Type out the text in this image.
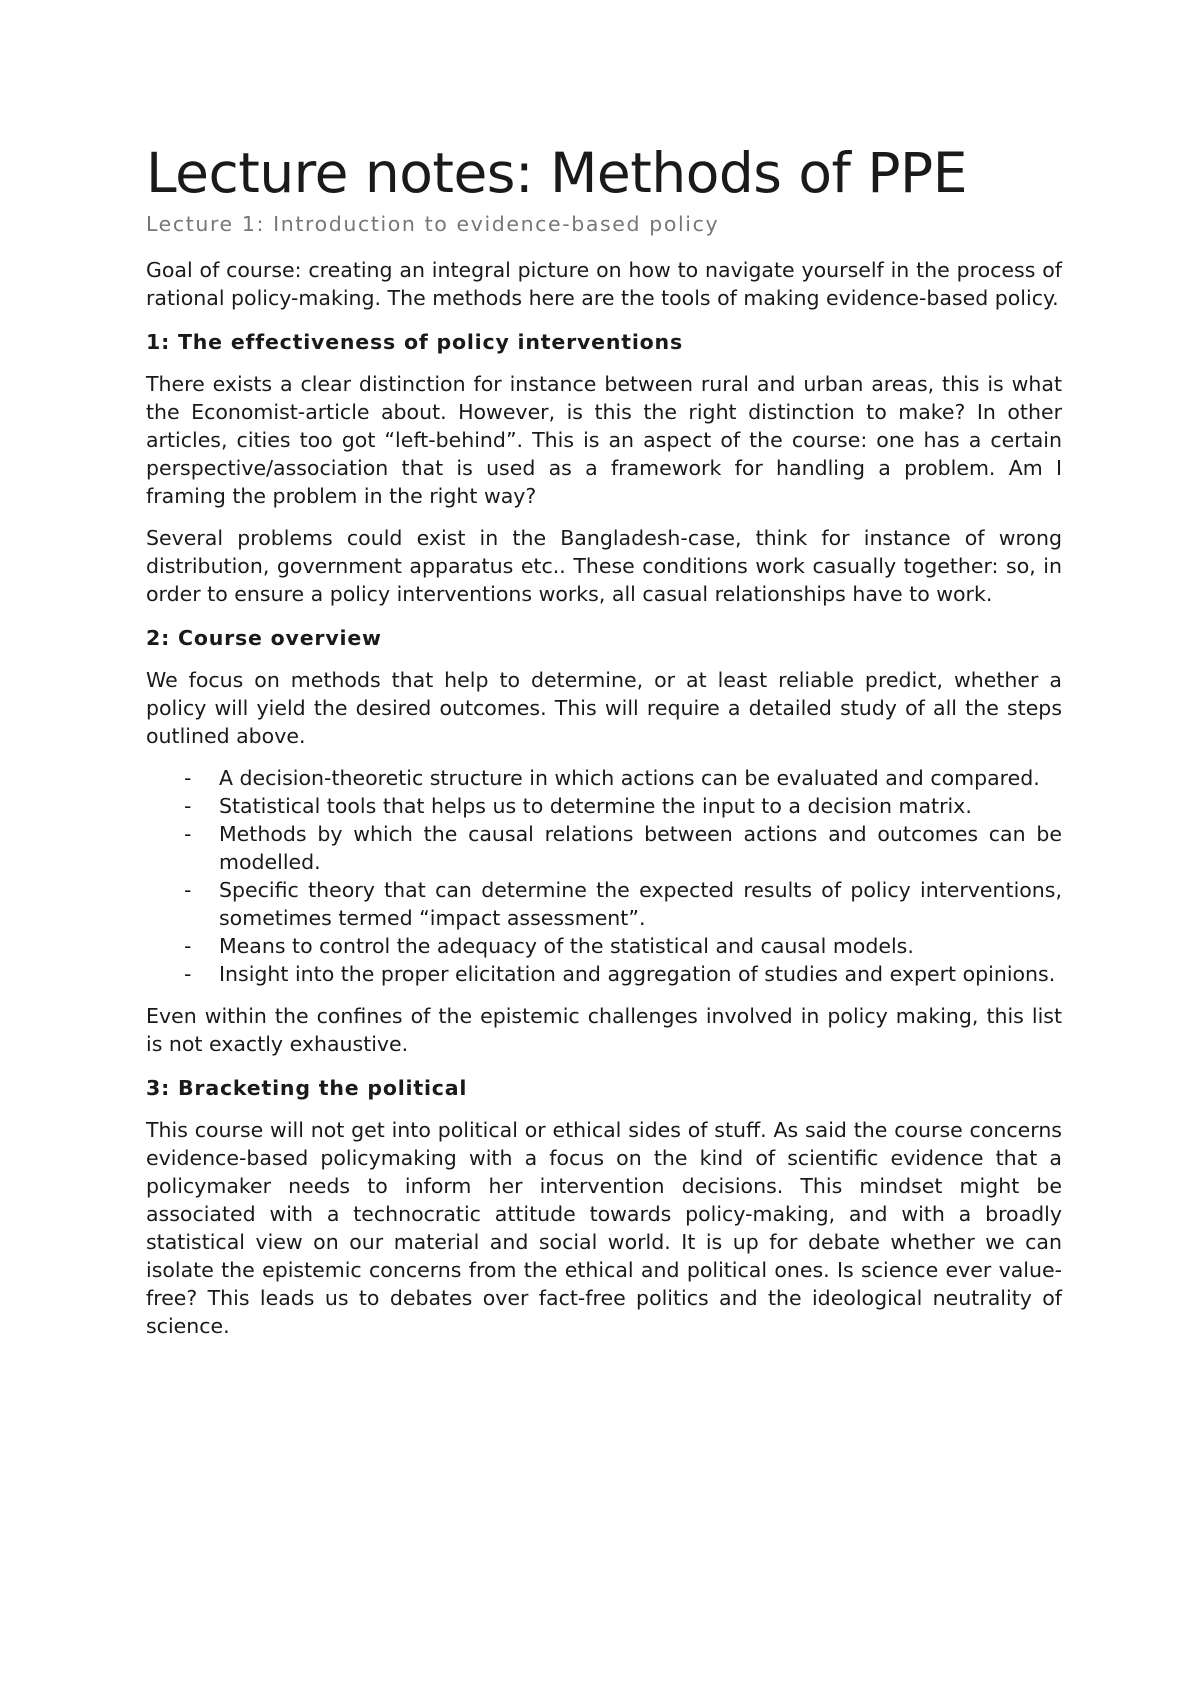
Lecture notes: Methods of PPE
Lecture 1: Introduction to evidence-based policy

Goal of course: creating an integral picture on how to navigate yourself in the process of rational policy-making. The methods here are the tools of making evidence-based policy.

1: The effectiveness of policy interventions

There exists a clear distinction for instance between rural and urban areas, this is what the Economist-article about. However, is this the right distinction to make? In other articles, cities too got “left-behind”. This is an aspect of the course: one has a certain perspective/association that is used as a framework for handling a problem. Am I framing the problem in the right way?

Several problems could exist in the Bangladesh-case, think for instance of wrong distribution, government apparatus etc.. These conditions work casually together: so, in order to ensure a policy interventions works, all casual relationships have to work.

2: Course overview

We focus on methods that help to determine, or at least reliable predict, whether a policy will yield the desired outcomes. This will require a detailed study of all the steps outlined above.

- A decision-theoretic structure in which actions can be evaluated and compared.
- Statistical tools that helps us to determine the input to a decision matrix.
- Methods by which the causal relations between actions and outcomes can be modelled.
- Specific theory that can determine the expected results of policy interventions, sometimes termed “impact assessment”.
- Means to control the adequacy of the statistical and causal models.
- Insight into the proper elicitation and aggregation of studies and expert opinions.

Even within the confines of the epistemic challenges involved in policy making, this list is not exactly exhaustive.

3: Bracketing the political

This course will not get into political or ethical sides of stuff. As said the course concerns evidence-based policymaking with a focus on the kind of scientific evidence that a policymaker needs to inform her intervention decisions. This mindset might be associated with a technocratic attitude towards policy-making, and with a broadly statistical view on our material and social world. It is up for debate whether we can isolate the epistemic concerns from the ethical and political ones. Is science ever value-free? This leads us to debates over fact-free politics and the ideological neutrality of science.
